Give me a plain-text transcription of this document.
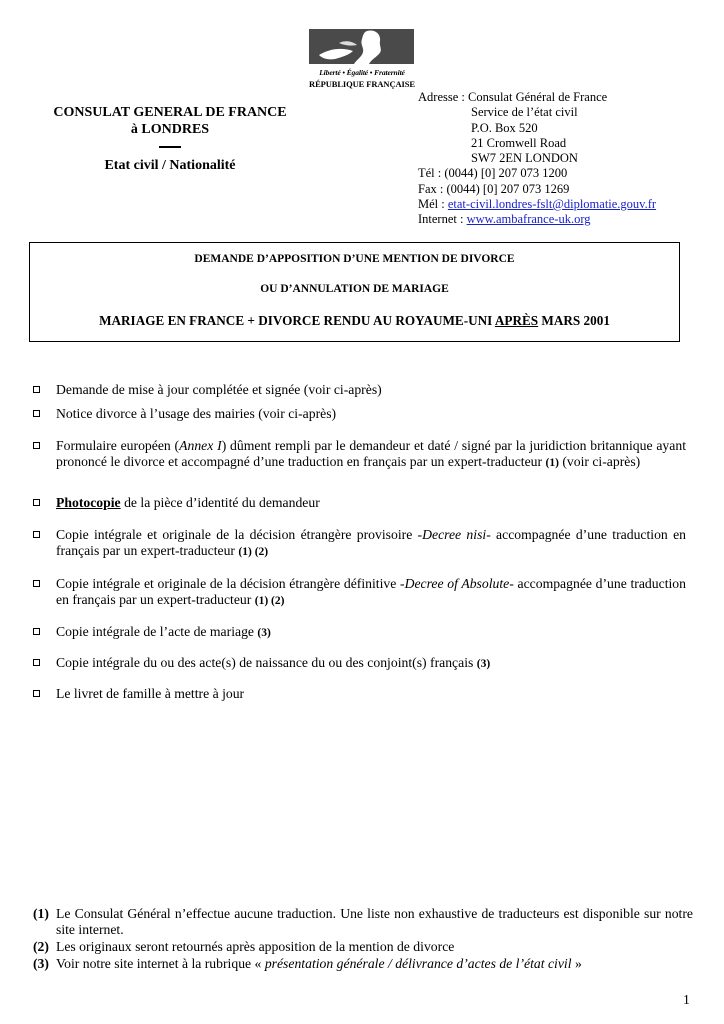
Liberté • Égalité • Fraternité
RÉPUBLIQUE FRANÇAISE
CONSULAT GENERAL DE FRANCE
à LONDRES
Etat civil / Nationalité
Adresse : Consulat Général de France
Service de l’état civil
P.O. Box 520
21 Cromwell Road
SW7 2EN LONDON
Tél : (0044) [0] 207 073 1200
Fax : (0044) [0] 207 073 1269
Mél : etat-civil.londres-fslt@diplomatie.gouv.fr
Internet : www.ambafrance-uk.org
DEMANDE D’APPOSITION D’UNE MENTION DE DIVORCE
OU D’ANNULATION DE MARIAGE
MARIAGE EN FRANCE + DIVORCE RENDU AU ROYAUME-UNI APRÈS MARS 2001
Demande de mise à jour complétée et signée (voir ci-après)
Notice divorce à l’usage des mairies (voir ci-après)
Formulaire européen (Annex I) dûment rempli par le demandeur et daté / signé par la juridiction britannique ayant prononcé le divorce et accompagné d’une traduction en français par un expert-traducteur (1) (voir ci-après)
Photocopie de la pièce d’identité du demandeur
Copie intégrale et originale de la décision étrangère provisoire -Decree nisi- accompagnée d’une traduction en français par un expert-traducteur (1) (2)
Copie intégrale et originale de la décision étrangère définitive -Decree of Absolute- accompagnée d’une traduction en français par un expert-traducteur (1) (2)
Copie intégrale de l’acte de mariage (3)
Copie intégrale du ou des acte(s) de naissance du ou des conjoint(s) français (3)
Le livret de famille à mettre à jour
(1) Le Consulat Général n’effectue aucune traduction. Une liste non exhaustive de traducteurs est disponible sur notre site internet.
(2) Les originaux seront retournés après apposition de la mention de divorce
(3) Voir notre site internet à la rubrique « présentation générale / délivrance d’actes de l’état civil »
1
